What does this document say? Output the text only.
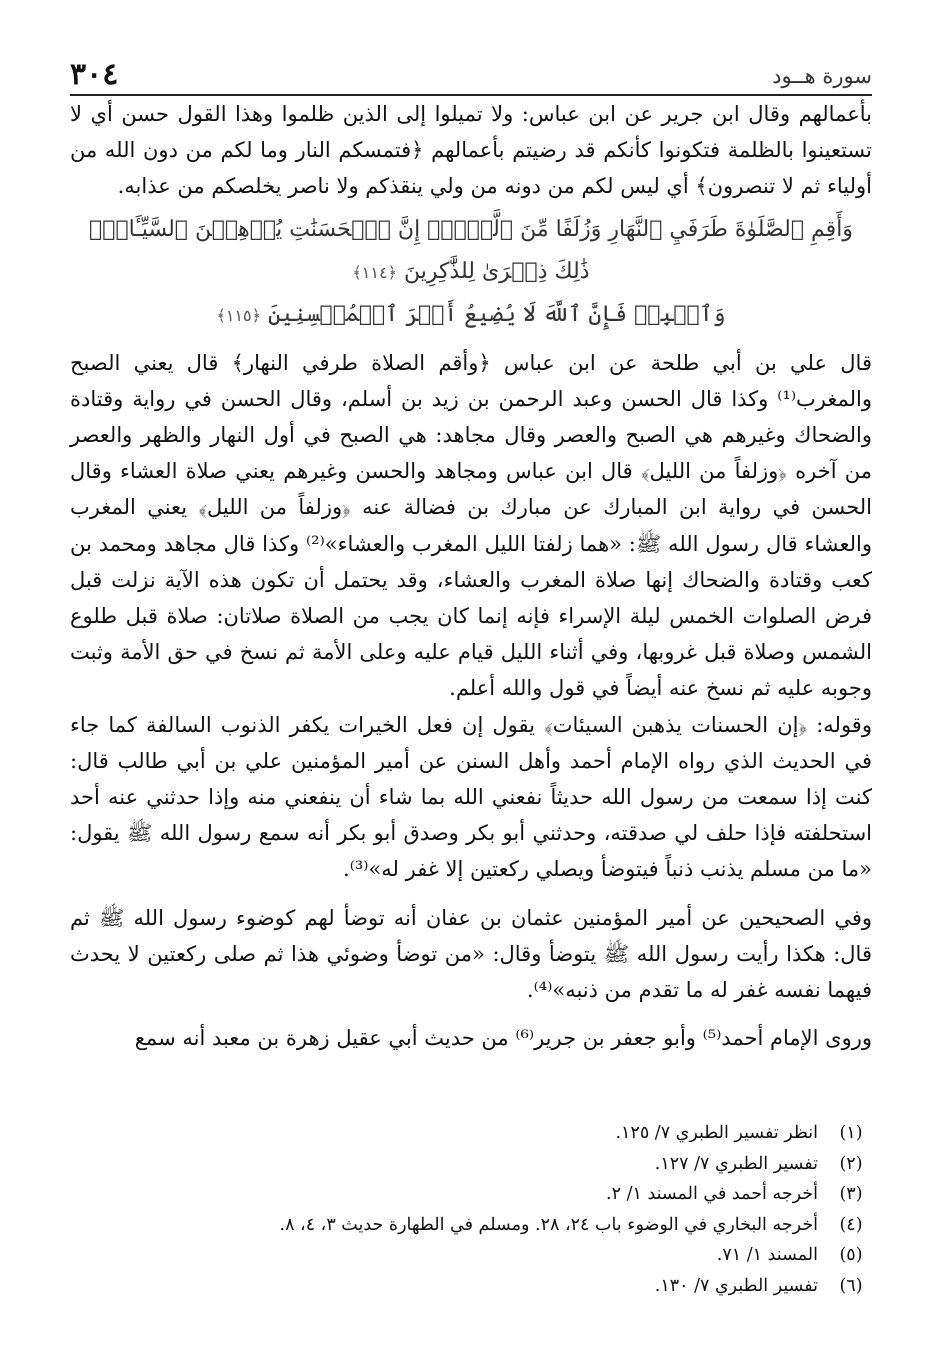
٣٠٤	سورة هــود

بأعمالهم وقال ابن جرير عن ابن عباس: ولا تميلوا إلى الذين ظلموا وهذا القول حسن أي لا تستعينوا بالظلمة فتكونوا كأنكم قد رضيتم بأعمالهم ﴿فتمسكم النار وما لكم من دون الله من أولياء ثم لا تنصرون﴾ أي ليس لكم من دونه من ولي ينقذكم ولا ناصر يخلصكم من عذابه.

وَأَقِمِ ٱلصَّلَوٰةَ طَرَفَيِ ٱلنَّهَارِ وَزُلَفًا مِّنَ ٱلَّيۡلِۚ إِنَّ ٱلۡحَسَنَٰتِ يُذۡهِبۡنَ ٱلسَّيِّـَٔاتِۚ ذَٰلِكَ ذِكۡرَىٰ لِلذَّٰكِرِينَ ﴿١١٤﴾
وَٱصۡبِرۡ فَإِنَّ ٱللَّهَ لَا يُضِيعُ أَجۡرَ ٱلۡمُحۡسِنِينَ ﴿١١٥﴾

قال علي بن أبي طلحة عن ابن عباس ﴿وأقم الصلاة طرفي النهار﴾ قال يعني الصبح والمغرب⁽¹⁾ وكذا قال الحسن وعبد الرحمن بن زيد بن أسلم، وقال الحسن في رواية وقتادة والضحاك وغيرهم هي الصبح والعصر وقال مجاهد: هي الصبح في أول النهار والظهر والعصر من آخره ﴿وزلفاً من الليل﴾ قال ابن عباس ومجاهد والحسن وغيرهم يعني صلاة العشاء وقال الحسن في رواية ابن المبارك عن مبارك بن فضالة عنه ﴿وزلفاً من الليل﴾ يعني المغرب والعشاء قال رسول الله ﷺ: «هما زلفتا الليل المغرب والعشاء»⁽²⁾ وكذا قال مجاهد ومحمد بن كعب وقتادة والضحاك إنها صلاة المغرب والعشاء، وقد يحتمل أن تكون هذه الآية نزلت قبل فرض الصلوات الخمس ليلة الإسراء فإنه إنما كان يجب من الصلاة صلاتان: صلاة قبل طلوع الشمس وصلاة قبل غروبها، وفي أثناء الليل قيام عليه وعلى الأمة ثم نسخ في حق الأمة وثبت وجوبه عليه ثم نسخ عنه أيضاً في قول والله أعلم.

وقوله: ﴿إن الحسنات يذهبن السيئات﴾ يقول إن فعل الخيرات يكفر الذنوب السالفة كما جاء في الحديث الذي رواه الإمام أحمد وأهل السنن عن أمير المؤمنين علي بن أبي طالب قال: كنت إذا سمعت من رسول الله حديثاً نفعني الله بما شاء أن ينفعني منه وإذا حدثني عنه أحد استحلفته فإذا حلف لي صدقته، وحدثني أبو بكر وصدق أبو بكر أنه سمع رسول الله ﷺ يقول: «ما من مسلم يذنب ذنباً فيتوضأ ويصلي ركعتين إلا غفر له»⁽³⁾.

وفي الصحيحين عن أمير المؤمنين عثمان بن عفان أنه توضأ لهم كوضوء رسول الله ﷺ ثم قال: هكذا رأيت رسول الله ﷺ يتوضأ وقال: «من توضأ وضوئي هذا ثم صلى ركعتين لا يحدث فيهما نفسه غفر له ما تقدم من ذنبه»⁽⁴⁾.

وروى الإمام أحمد⁽⁵⁾ وأبو جعفر بن جرير⁽⁶⁾ من حديث أبي عقيل زهرة بن معبد أنه سمع

(١)
انظر تفسير الطبري ٧/ ١٢٥.
(٢)
تفسير الطبري ٧/ ١٢٧.
(٣)
أخرجه أحمد في المسند ١/ ٢.
(٤)
أخرجه البخاري في الوضوء باب ٢٤، ٢٨. ومسلم في الطهارة حديث ٣، ٤، ٨.
(٥)
المسند ١/ ٧١.
(٦)
تفسير الطبري ٧/ ١٣٠.
